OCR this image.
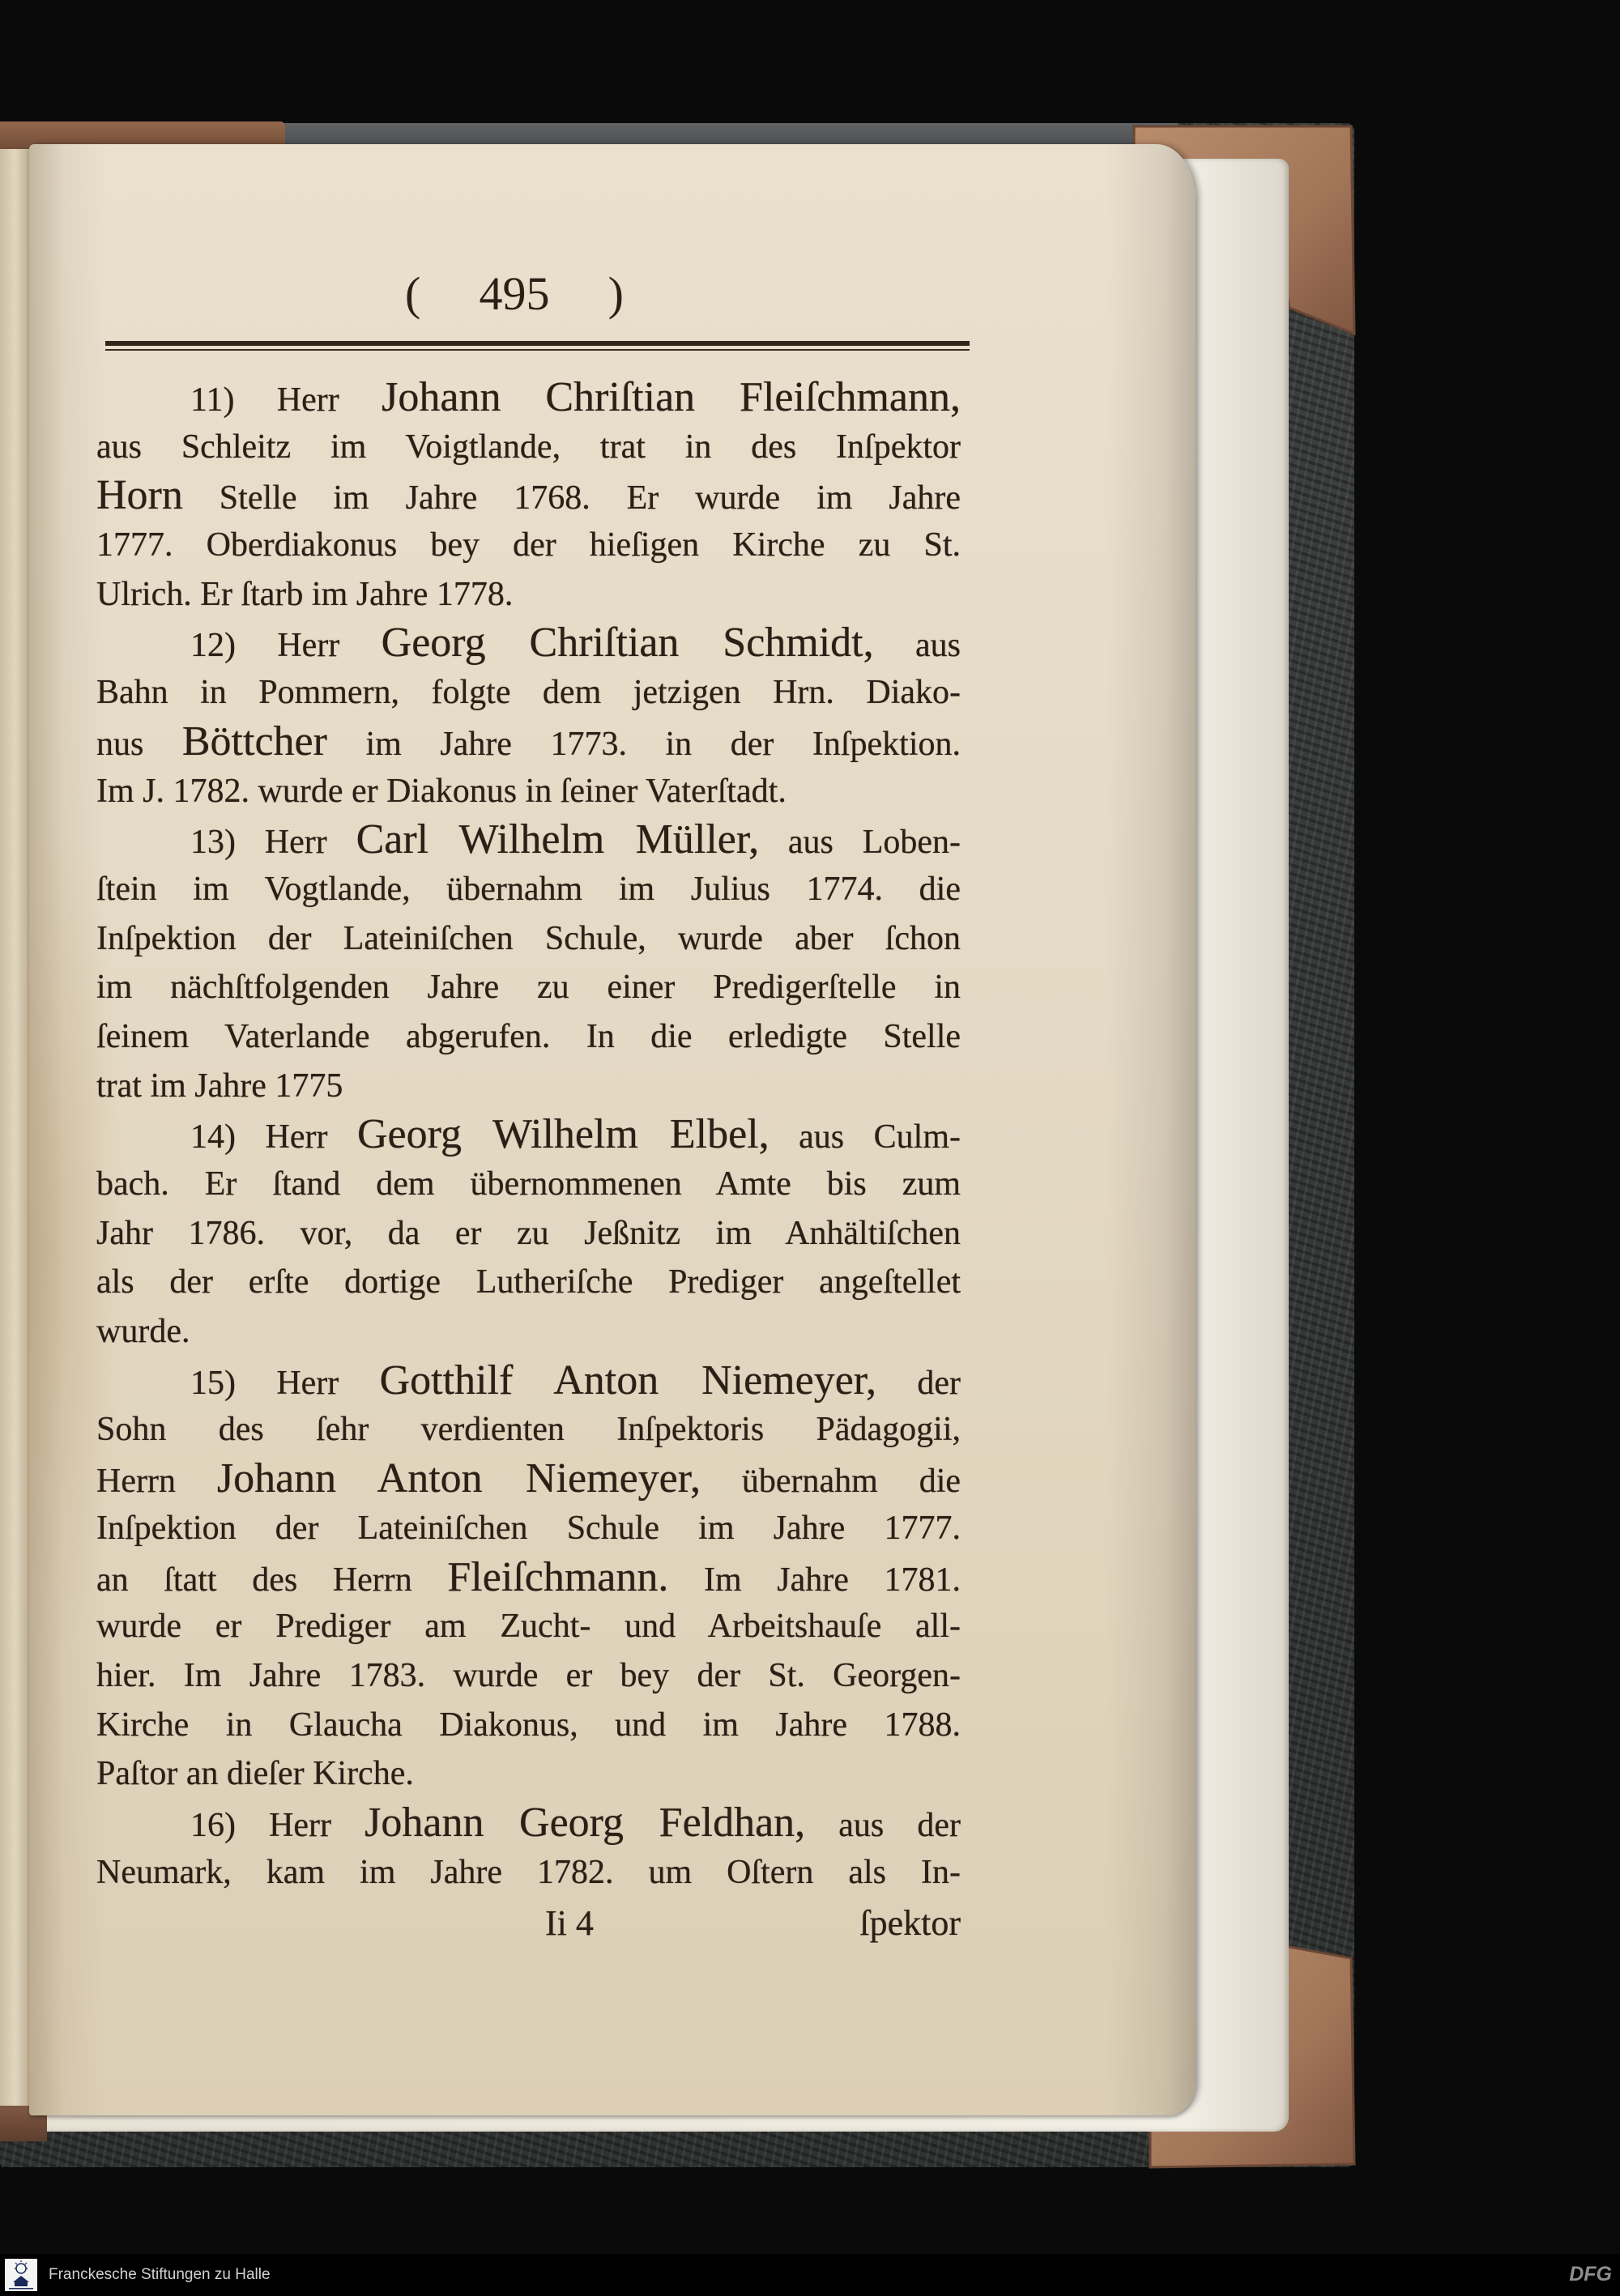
( 495 )
11) Herr Johann Chriſtian Fleiſchmann,
aus Schleitz im Voigtlande, trat in des Inſpektor
Horn Stelle im Jahre 1768. Er wurde im Jahre
1777. Oberdiakonus bey der hieſigen Kirche zu St.
Ulrich. Er ſtarb im Jahre 1778.
12) Herr Georg Chriſtian Schmidt, aus
Bahn in Pommern, folgte dem jetzigen Hrn. Diako-
nus Böttcher im Jahre 1773. in der Inſpektion.
Im J. 1782. wurde er Diakonus in ſeiner Vaterſtadt.
13) Herr Carl Wilhelm Müller, aus Loben-
ſtein im Vogtlande, übernahm im Julius 1774. die
Inſpektion der Lateiniſchen Schule, wurde aber ſchon
im nächſtfolgenden Jahre zu einer Predigerſtelle in
ſeinem Vaterlande abgerufen. In die erledigte Stelle
trat im Jahre 1775
14) Herr Georg Wilhelm Elbel, aus Culm-
bach. Er ſtand dem übernommenen Amte bis zum
Jahr 1786. vor, da er zu Jeßnitz im Anhältiſchen
als der erſte dortige Lutheriſche Prediger angeſtellet
wurde.
15) Herr Gotthilf Anton Niemeyer, der
Sohn des ſehr verdienten Inſpektoris Pädagogii,
Herrn Johann Anton Niemeyer, übernahm die
Inſpektion der Lateiniſchen Schule im Jahre 1777.
an ſtatt des Herrn Fleiſchmann. Im Jahre 1781.
wurde er Prediger am Zucht- und Arbeitshauſe all-
hier. Im Jahre 1783. wurde er bey der St. Georgen-
Kirche in Glaucha Diakonus, und im Jahre 1788.
Paſtor an dieſer Kirche.
16) Herr Johann Georg Feldhan, aus der
Neumark, kam im Jahre 1782. um Oſtern als In-
Ii 4	ſpektor
Franckesche Stiftungen zu Halle	DFG
